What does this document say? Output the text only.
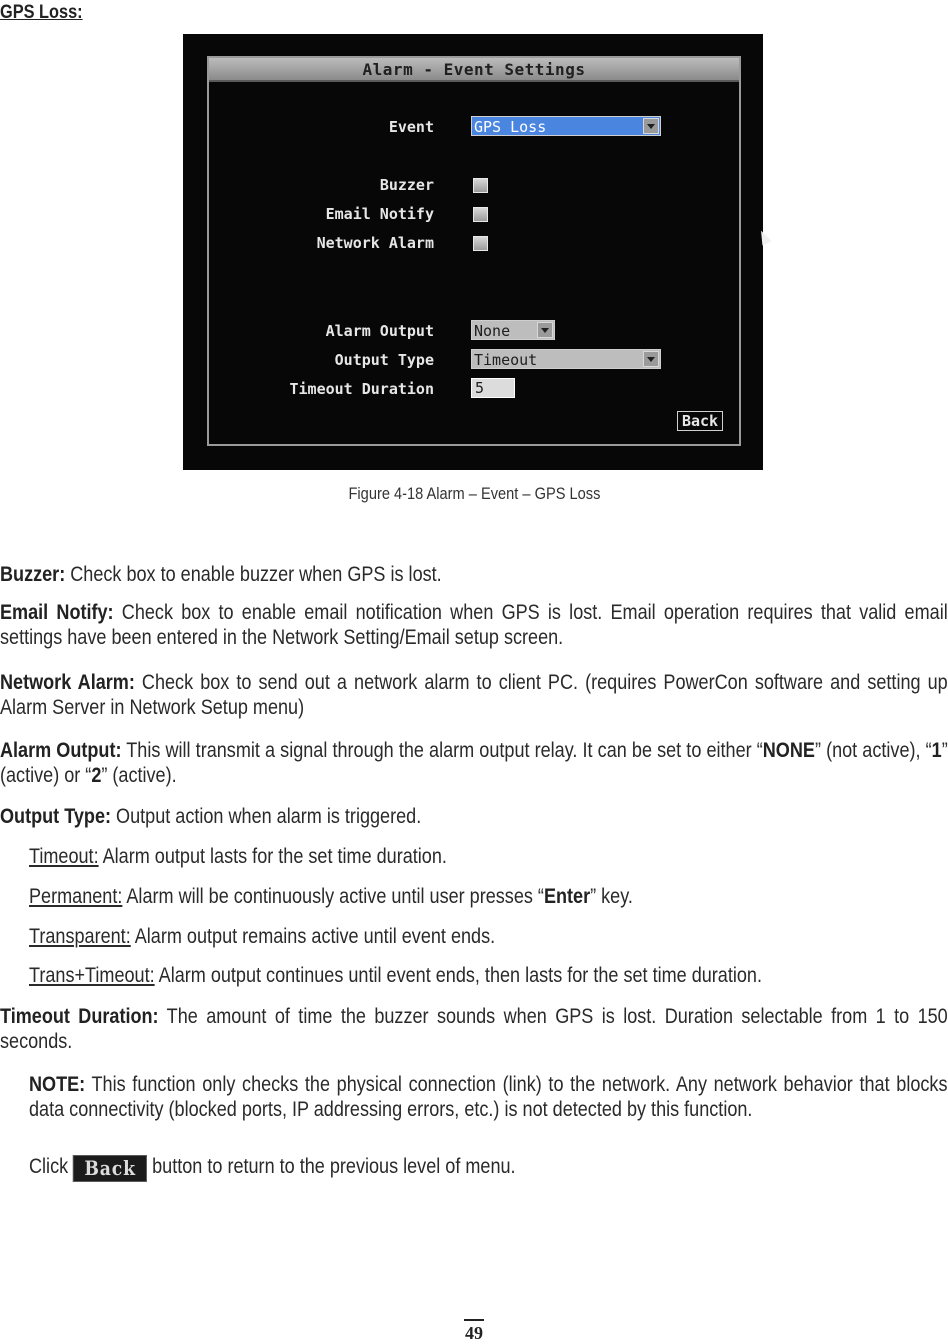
GPS Loss:
Alarm - Event Settings
Event	GPS Loss
Buzzer
Email Notify
Network Alarm
Alarm Output	None
Output Type	Timeout
Timeout Duration	5
Back
Figure 4-18 Alarm – Event – GPS Loss

Buzzer: Check box to enable buzzer when GPS is lost.

Email Notify: Check box to enable email notification when GPS is lost. Email operation requires that valid email settings have been entered in the Network Setting/Email setup screen.

Network Alarm: Check box to send out a network alarm to client PC. (requires PowerCon software and setting up Alarm Server in Network Setup menu)

Alarm Output: This will transmit a signal through the alarm output relay. It can be set to either “NONE” (not active), “1” (active) or “2” (active).

Output Type: Output action when alarm is triggered.

Timeout: Alarm output lasts for the set time duration.

Permanent: Alarm will be continuously active until user presses “Enter” key.

Transparent: Alarm output remains active until event ends.

Trans+Timeout: Alarm output continues until event ends, then lasts for the set time duration.

Timeout Duration: The amount of time the buzzer sounds when GPS is lost. Duration selectable from 1 to 150 seconds.

NOTE: This function only checks the physical connection (link) to the network. Any network behavior that blocks data connectivity (blocked ports, IP addressing errors, etc.) is not detected by this function.

Click Back button to return to the previous level of menu.

49
